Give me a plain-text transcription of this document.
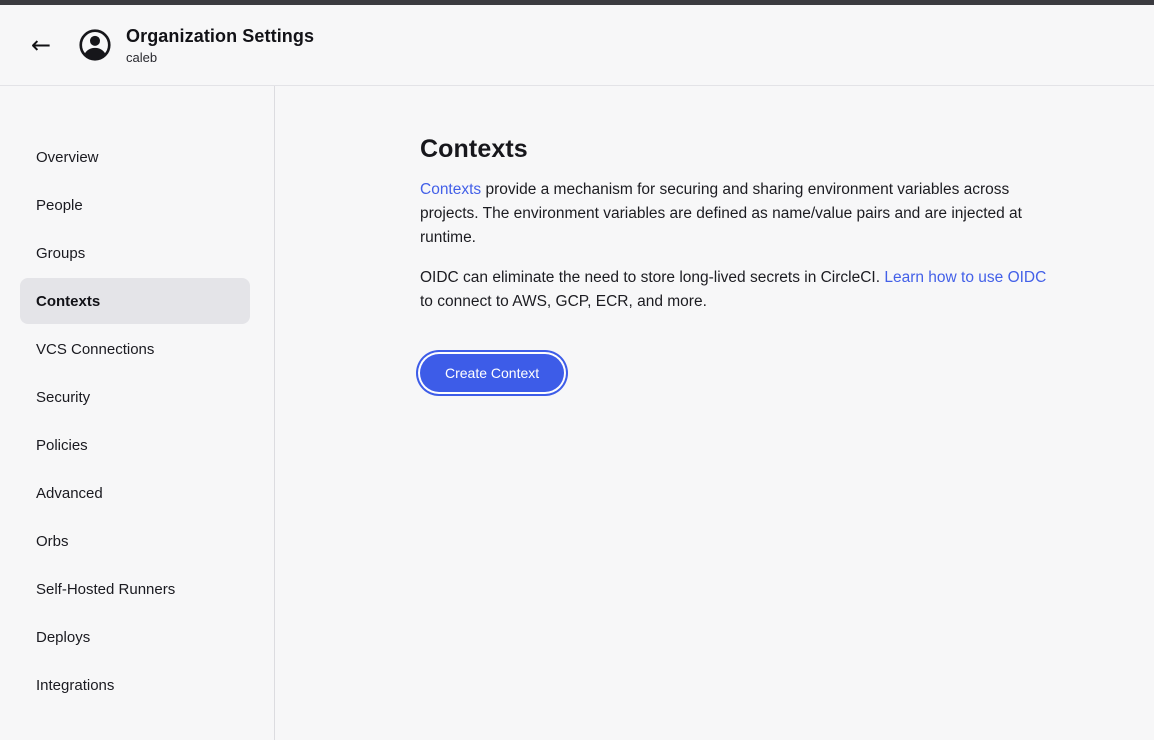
←	Organization Settings
caleb
Overview
People
Groups
Contexts
VCS Connections
Security
Policies
Advanced
Orbs
Self-Hosted Runners
Deploys
Integrations
Contexts

Contexts provide a mechanism for securing and sharing environment variables across projects. The environment variables are defined as name/value pairs and are injected at runtime.

OIDC can eliminate the need to store long-lived secrets in CircleCI. Learn how to use OIDC to connect to AWS, GCP, ECR, and more.

Create Context
